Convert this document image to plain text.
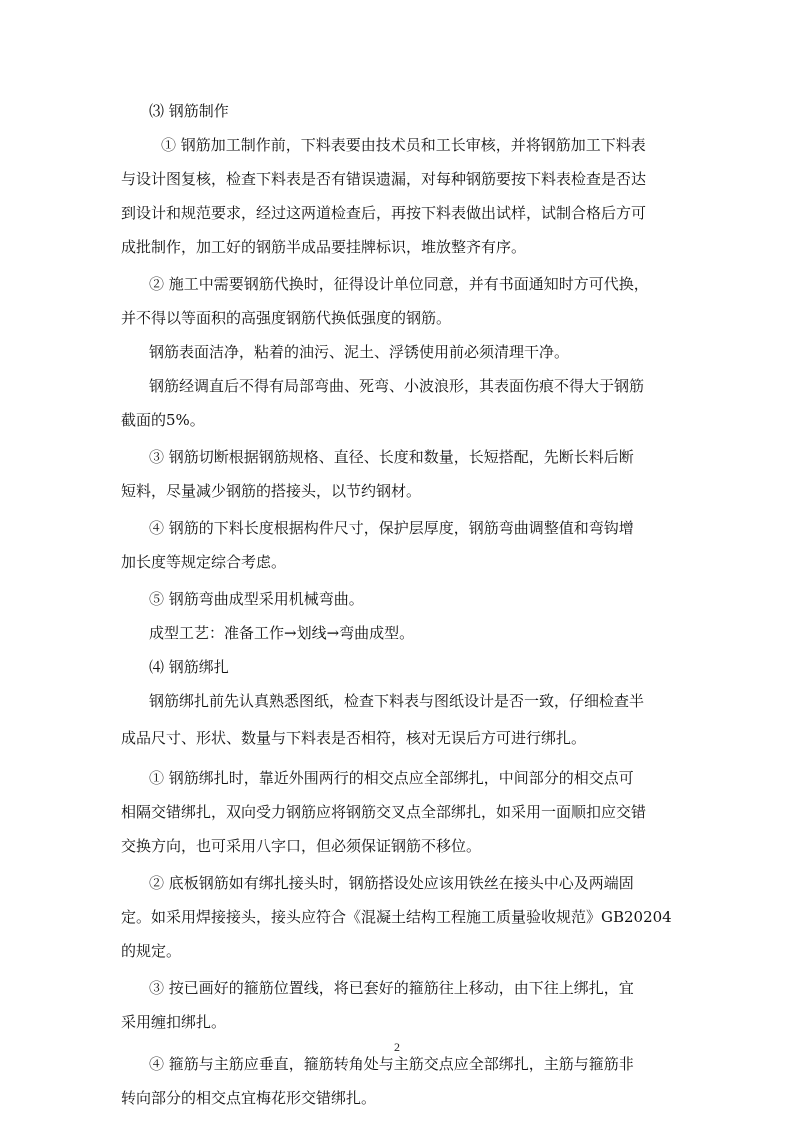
⑶ 钢筋制作
① 钢筋加工制作前，下料表要由技术员和工长审核，并将钢筋加工下料表
与设计图复核，检查下料表是否有错误遗漏，对每种钢筋要按下料表检查是否达
到设计和规范要求，经过这两道检查后，再按下料表做出试样，试制合格后方可
成批制作，加工好的钢筋半成品要挂牌标识，堆放整齐有序。
② 施工中需要钢筋代换时，征得设计单位同意，并有书面通知时方可代换，
并不得以等面积的高强度钢筋代换低强度的钢筋。
钢筋表面洁净，粘着的油污、泥土、浮锈使用前必须清理干净。
钢筋经调直后不得有局部弯曲、死弯、小波浪形，其表面伤痕不得大于钢筋
截面的5%。
③ 钢筋切断根据钢筋规格、直径、长度和数量，长短搭配，先断长料后断
短料，尽量减少钢筋的搭接头，以节约钢材。
④ 钢筋的下料长度根据构件尺寸，保护层厚度，钢筋弯曲调整值和弯钩增
加长度等规定综合考虑。
⑤ 钢筋弯曲成型采用机械弯曲。
成型工艺：准备工作→划线→弯曲成型。
⑷ 钢筋绑扎
钢筋绑扎前先认真熟悉图纸，检查下料表与图纸设计是否一致，仔细检查半
成品尺寸、形状、数量与下料表是否相符，核对无误后方可进行绑扎。
① 钢筋绑扎时，靠近外围两行的相交点应全部绑扎，中间部分的相交点可
相隔交错绑扎，双向受力钢筋应将钢筋交叉点全部绑扎，如采用一面顺扣应交错
交换方向，也可采用八字口，但必须保证钢筋不移位。
② 底板钢筋如有绑扎接头时，钢筋搭设处应该用铁丝在接头中心及两端固
定。如采用焊接接头，接头应符合《混凝土结构工程施工质量验收规范》GB20204
的规定。
③ 按已画好的箍筋位置线，将已套好的箍筋往上移动，由下往上绑扎，宜
采用缠扣绑扎。
④ 箍筋与主筋应垂直，箍筋转角处与主筋交点应全部绑扎，主筋与箍筋非
转向部分的相交点宜梅花形交错绑扎。
2
